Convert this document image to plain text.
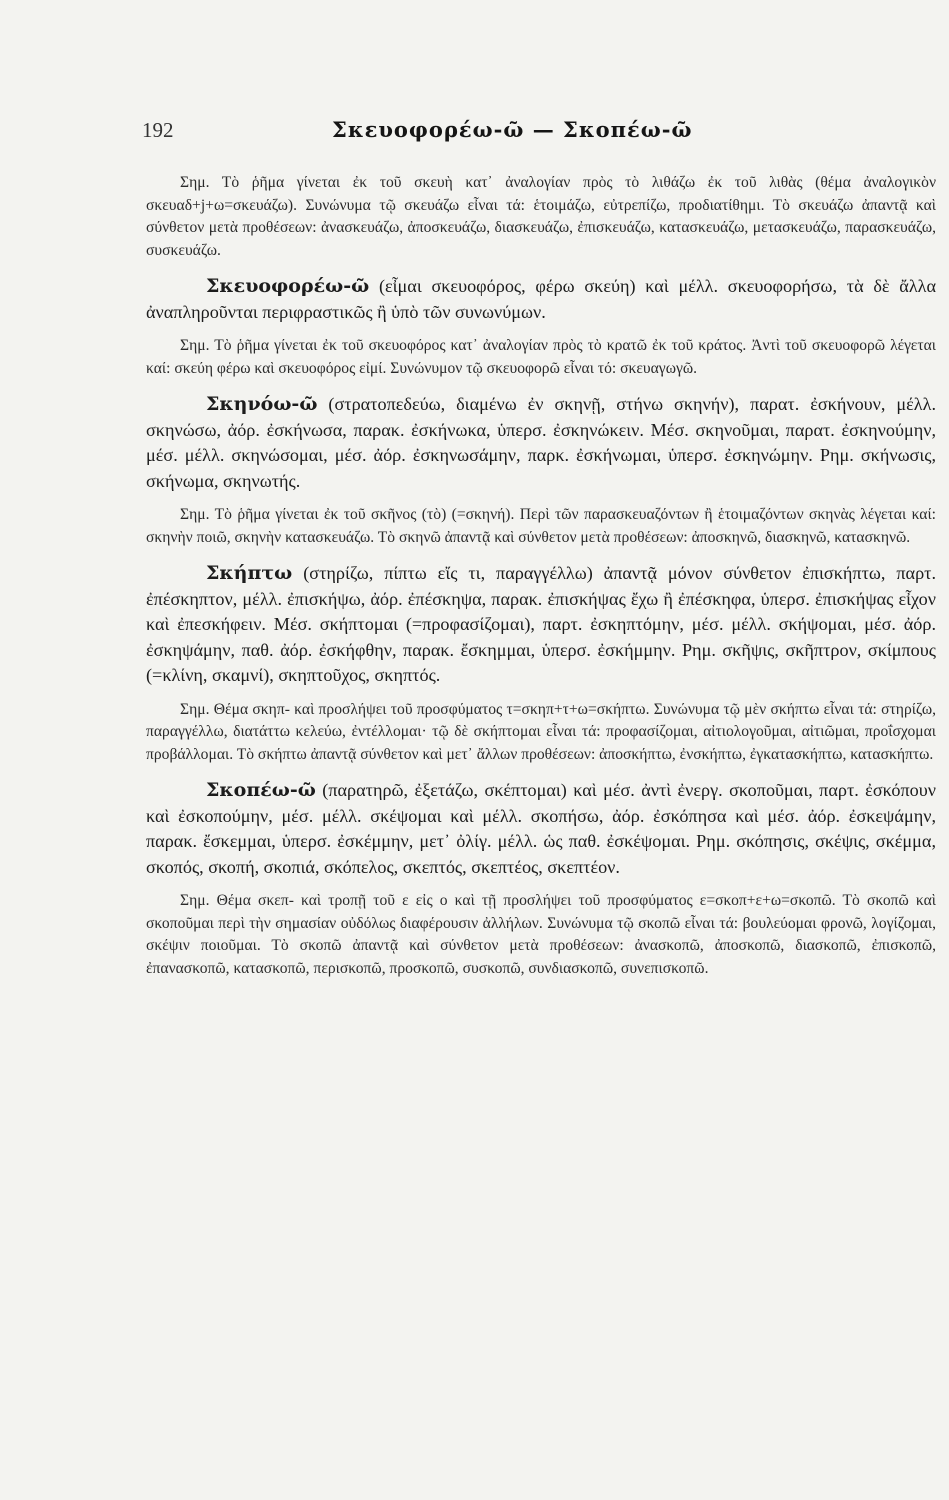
192	Σκευοφορέω-ῶ — Σκοπέω-ῶ

Σημ. Τὸ ῥῆμα γίνεται ἐκ τοῦ σκευὴ κατ᾽ ἀναλογίαν πρὸς τὸ λιθάζω ἐκ τοῦ λιθὰς (θέμα ἀναλογικὸν σκευαδ+j+ω=σκευάζω). Συνώνυμα τῷ σκευάζω εἶναι τά: ἑτοιμάζω, εὐτρεπίζω, προδιατίθημι. Τὸ σκευάζω ἀπαντᾷ καὶ σύνθετον μετὰ προθέσεων: ἀνασκευάζω, ἀποσκευάζω, διασκευάζω, ἐπισκευάζω, κατασκευάζω, μετασκευάζω, παρασκευάζω, συσκευάζω.

Σκευοφορέω-ῶ (εἶμαι σκευοφόρος, φέρω σκεύη) καὶ μέλλ. σκευοφορήσω, τὰ δὲ ἄλλα ἀναπληροῦνται περιφραστικῶς ἢ ὑπὸ τῶν συνωνύμων.

Σημ. Τὸ ῥῆμα γίνεται ἐκ τοῦ σκευοφόρος κατ᾽ ἀναλογίαν πρὸς τὸ κρατῶ ἐκ τοῦ κράτος. Ἀντὶ τοῦ σκευοφορῶ λέγεται καί: σκεύη φέρω καὶ σκευοφόρος εἰμί. Συνώνυμον τῷ σκευοφορῶ εἶναι τό: σκευαγωγῶ.

Σκηνόω-ῶ (στρατοπεδεύω, διαμένω ἐν σκηνῇ, στήνω σκηνήν), παρατ. ἐσκήνουν, μέλλ. σκηνώσω, ἀόρ. ἐσκήνωσα, παρακ. ἐσκήνωκα, ὑπερσ. ἐσκηνώκειν. Μέσ. σκηνοῦμαι, παρατ. ἐσκηνούμην, μέσ. μέλλ. σκηνώσομαι, μέσ. ἀόρ. ἐσκηνωσάμην, παρκ. ἐσκήνωμαι, ὑπερσ. ἐσκηνώμην. Ρημ. σκήνωσις, σκήνωμα, σκηνωτής.

Σημ. Τὸ ῥῆμα γίνεται ἐκ τοῦ σκῆνος (τὸ) (=σκηνή). Περὶ τῶν παρασκευαζόντων ἢ ἑτοιμαζόντων σκηνὰς λέγεται καί: σκηνὴν ποιῶ, σκηνὴν κατασκευάζω. Τὸ σκηνῶ ἀπαντᾷ καὶ σύνθετον μετὰ προθέσεων: ἀποσκηνῶ, διασκηνῶ, κατασκηνῶ.

Σκήπτω (στηρίζω, πίπτω εἴς τι, παραγγέλλω) ἀπαντᾷ μόνον σύνθετον ἐπισκήπτω, παρτ. ἐπέσκηπτον, μέλλ. ἐπισκήψω, ἀόρ. ἐπέσκηψα, παρακ. ἐπισκήψας ἔχω ἢ ἐπέσκηφα, ὑπερσ. ἐπισκήψας εἶχον καὶ ἐπεσκήφειν. Μέσ. σκήπτομαι (=προφασίζομαι), παρτ. ἐσκηπτόμην, μέσ. μέλλ. σκήψομαι, μέσ. ἀόρ. ἐσκηψάμην, παθ. ἀόρ. ἐσκήφθην, παρακ. ἔσκημμαι, ὑπερσ. ἐσκήμμην. Ρημ. σκῆψις, σκῆπτρον, σκίμπους (=κλίνη, σκαμνί), σκηπτοῦχος, σκηπτός.

Σημ. Θέμα σκηπ- καὶ προσλήψει τοῦ προσφύματος τ=σκηπ+τ+ω=σκήπτω. Συνώνυμα τῷ μὲν σκήπτω εἶναι τά: στηρίζω, παραγγέλλω, διατάττω κελεύω, ἐντέλλομαι· τῷ δὲ σκήπτομαι εἶναι τά: προφασίζομαι, αἰτιολογοῦμαι, αἰτιῶμαι, προΐσχομαι προβάλλομαι. Τὸ σκήπτω ἀπαντᾷ σύνθετον καὶ μετ᾽ ἄλλων προθέσεων: ἀποσκήπτω, ἐνσκήπτω, ἐγκατασκήπτω, κατασκήπτω.

Σκοπέω-ῶ (παρατηρῶ, ἐξετάζω, σκέπτομαι) καὶ μέσ. ἀντὶ ἐνεργ. σκοποῦμαι, παρτ. ἐσκόπουν καὶ ἐσκοπούμην, μέσ. μέλλ. σκέψομαι καὶ μέλλ. σκοπήσω, ἀόρ. ἐσκόπησα καὶ μέσ. ἀόρ. ἐσκεψάμην, παρακ. ἔσκεμμαι, ὑπερσ. ἐσκέμμην, μετ᾽ ὀλίγ. μέλλ. ὡς παθ. ἐσκέψομαι. Ρημ. σκόπησις, σκέψις, σκέμμα, σκοπός, σκοπή, σκοπιά, σκόπελος, σκεπτός, σκεπτέος, σκεπτέον.

Σημ. Θέμα σκεπ- καὶ τροπῇ τοῦ ε εἰς ο καὶ τῇ προσλήψει τοῦ προσφύματος ε=σκοπ+ε+ω=σκοπῶ. Τὸ σκοπῶ καὶ σκοποῦμαι περὶ τὴν σημασίαν οὐδόλως διαφέρουσιν ἀλλήλων. Συνώνυμα τῷ σκοπῶ εἶναι τά: βουλεύομαι φρονῶ, λογίζομαι, σκέψιν ποιοῦμαι. Τὸ σκοπῶ ἀπαντᾷ καὶ σύνθετον μετὰ προθέσεων: ἀνασκοπῶ, ἀποσκοπῶ, διασκοπῶ, ἐπισκοπῶ, ἐπανασκοπῶ, κατασκοπῶ, περισκοπῶ, προσκοπῶ, συσκοπῶ, συνδιασκοπῶ, συνεπισκοπῶ.
